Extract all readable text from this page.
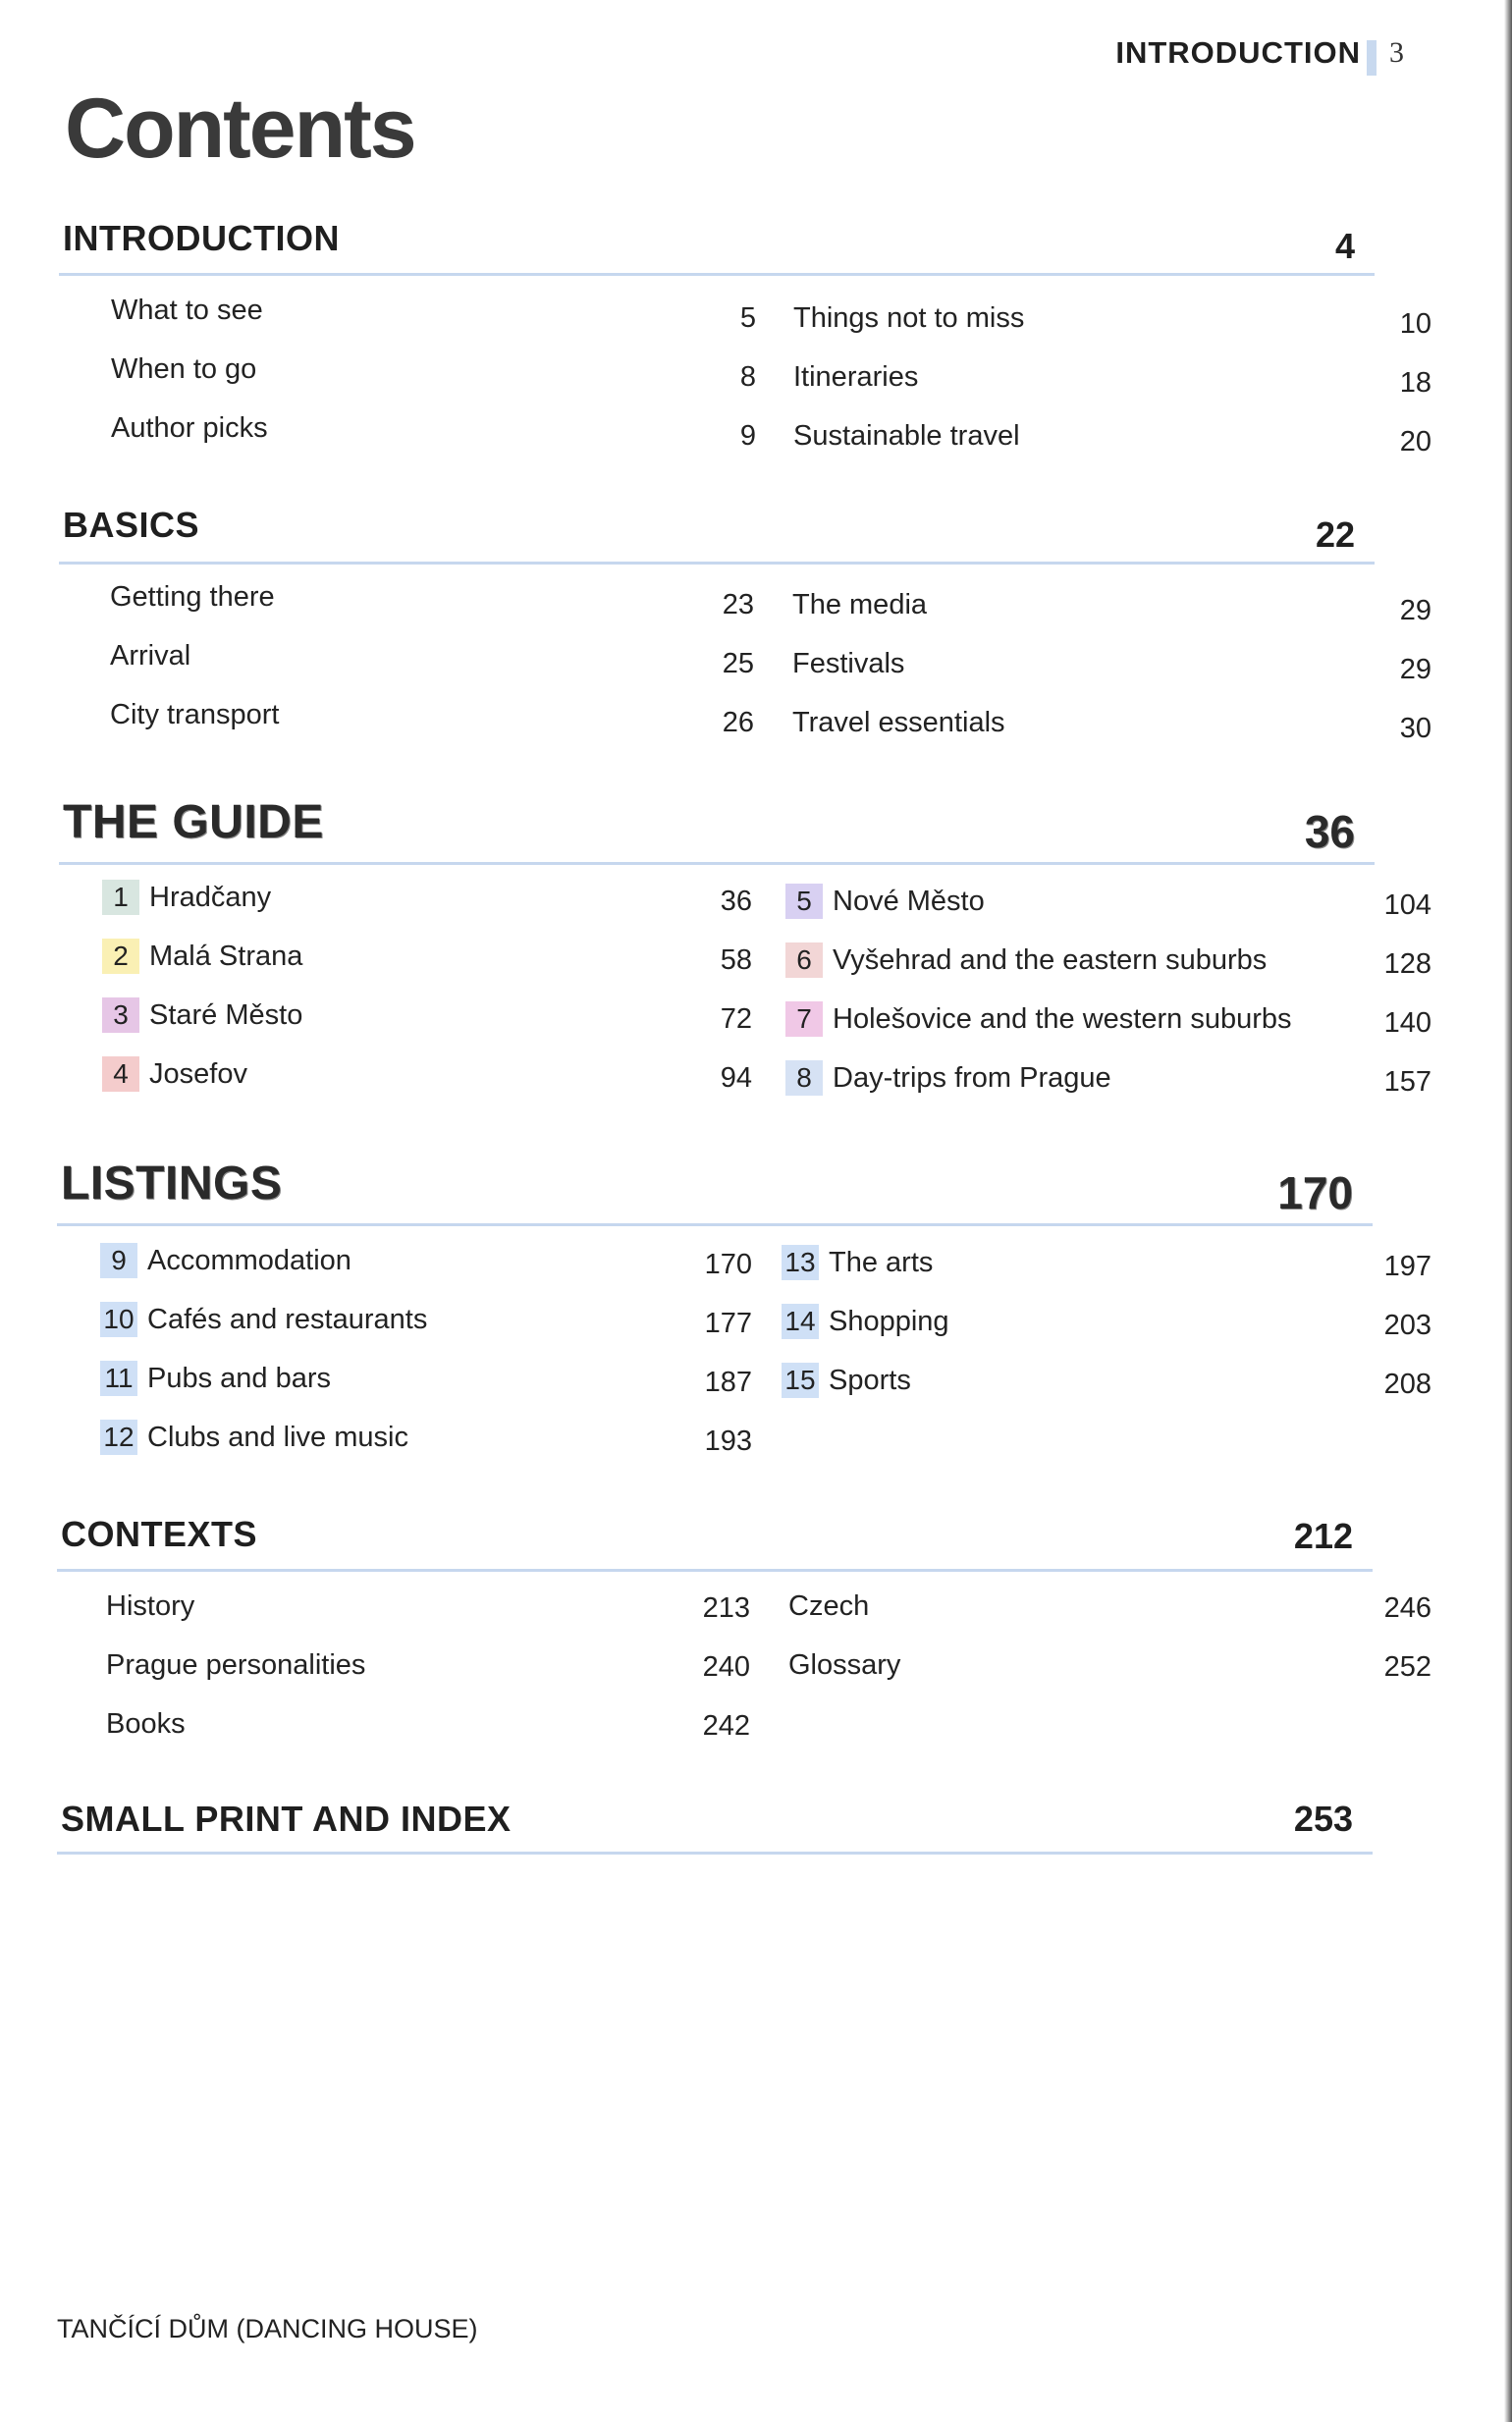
INTRODUCTION 3
Contents
INTRODUCTION	4
What to see	5
When to go	8
Author picks	9
Things not to miss	10
Itineraries	18
Sustainable travel	20
BASICS	22
Getting there	23
Arrival	25
City transport	26
The media	29
Festivals	29
Travel essentials	30
THE GUIDE	36
1 Hradčany	36
2 Malá Strana	58
3 Staré Město	72
4 Josefov	94
5 Nové Město	104
6 Vyšehrad and the eastern suburbs	128
7 Holešovice and the western suburbs	140
8 Day-trips from Prague	157
LISTINGS	170
9 Accommodation	170
10 Cafés and restaurants	177
11 Pubs and bars	187
12 Clubs and live music	193
13 The arts	197
14 Shopping	203
15 Sports	208
CONTEXTS	212
History	213
Prague personalities	240
Books	242
Czech	246
Glossary	252
SMALL PRINT AND INDEX	253
TANČÍCÍ DŮM (DANCING HOUSE)
